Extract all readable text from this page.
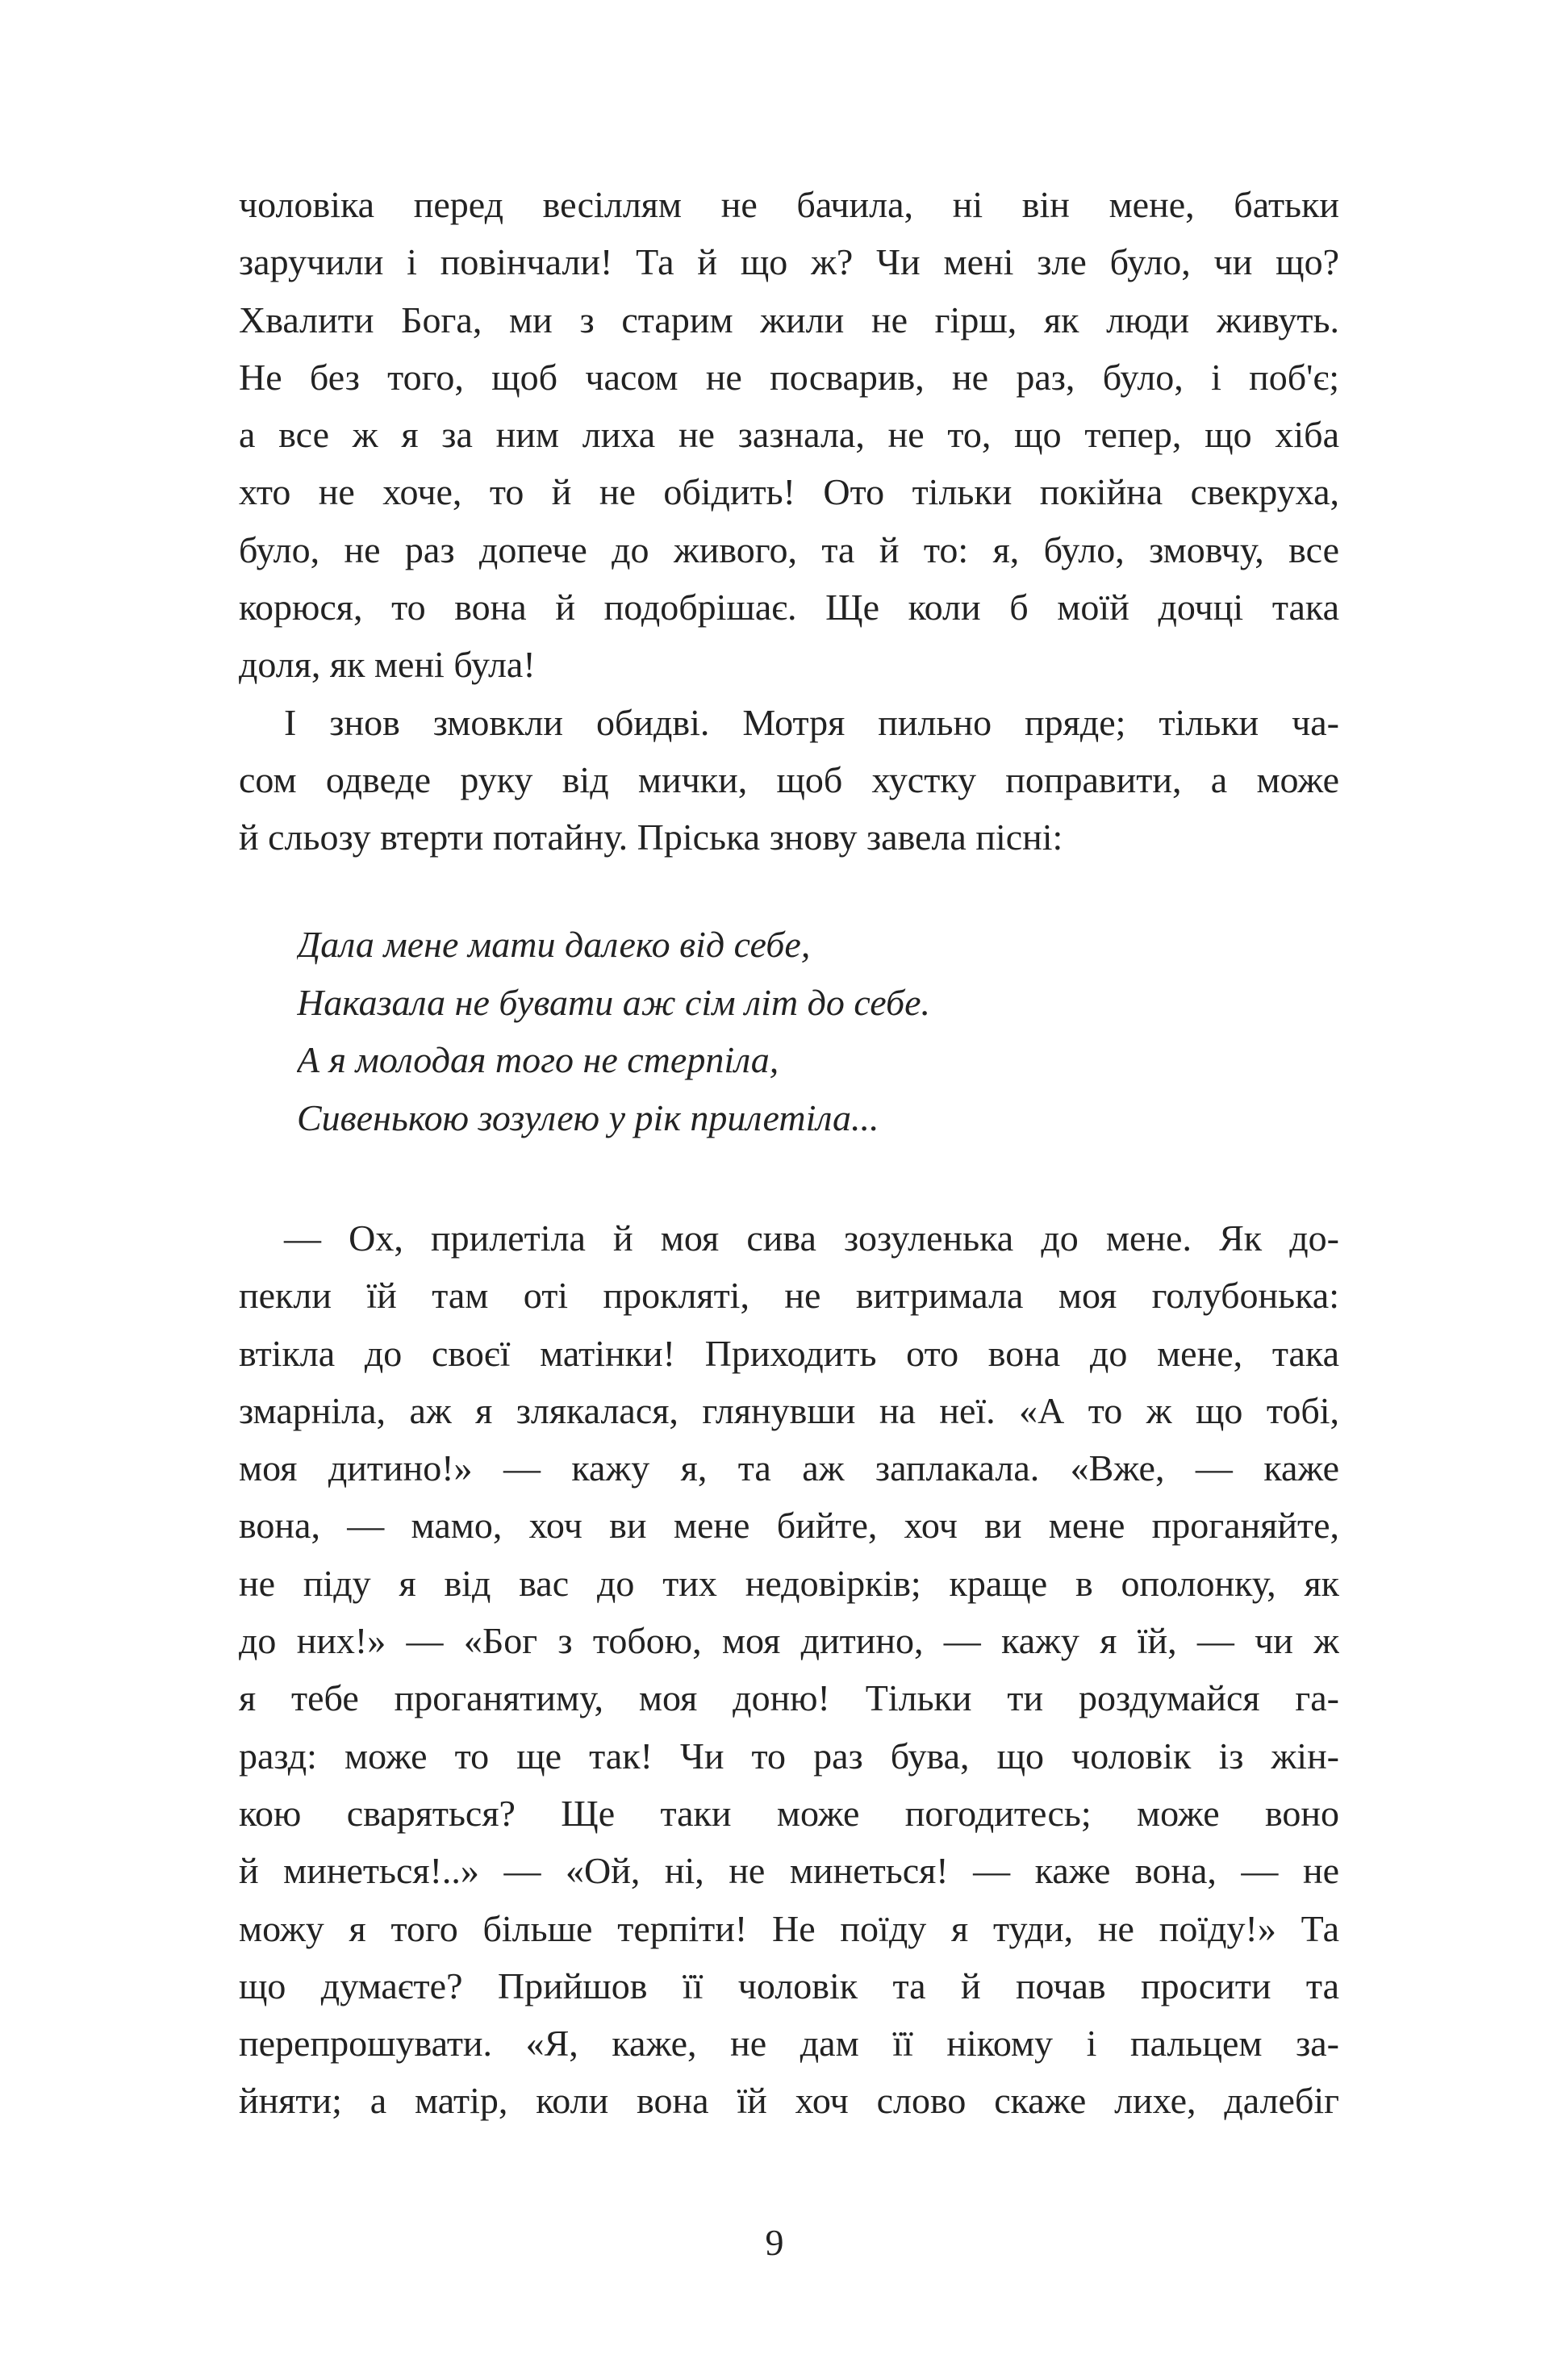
чоловіка перед весіллям не бачила, ні він мене, батьки
заручили і повінчали! Та й що ж? Чи мені зле було, чи що?
Хвалити Бога, ми з старим жили не гірш, як люди живуть.
Не без того, щоб часом не посварив, не раз, було, і поб'є;
а все ж я за ним лиха не зазнала, не то, що тепер, що хіба
хто не хоче, то й не обідить! Ото тільки покійна свекруха,
було, не раз допече до живого, та й то: я, було, змовчу, все
корюся, то вона й подобрішає. Ще коли б моїй дочці така
доля, як мені була!
І знов змовкли обидві. Мотря пильно пряде; тільки ча-
сом одведе руку від мички, щоб хустку поправити, а може
й сльозу втерти потайну. Пріська знову завела пісні:
Дала мене мати далеко від себе,
Наказала не бувати аж сім літ до себе.
А я молодая того не стерпіла,
Сивенькою зозулею у рік прилетіла...
— Ох, прилетіла й моя сива зозуленька до мене. Як до-
пекли їй там оті прокляті, не витримала моя голубонька:
втікла до своєї матінки! Приходить ото вона до мене, така
змарніла, аж я злякалася, глянувши на неї. «А то ж що тобі,
моя дитино!» — кажу я, та аж заплакала. «Вже, — каже
вона, — мамо, хоч ви мене бийте, хоч ви мене проганяйте,
не піду я від вас до тих недовірків; краще в ополонку, як
до них!» — «Бог з тобою, моя дитино, — кажу я їй, — чи ж
я тебе проганятиму, моя доню! Тільки ти роздумайся га-
разд: може то ще так! Чи то раз бува, що чоловік із жін-
кою сваряться? Ще таки може погодитесь; може воно
й минеться!..» — «Ой, ні, не минеться! — каже вона, — не
можу я того більше терпіти! Не поїду я туди, не поїду!» Та
що думаєте? Прийшов її чоловік та й почав просити та
перепрошувати. «Я, каже, не дам її нікому і пальцем за-
йняти; а матір, коли вона їй хоч слово скаже лихе, далебіг
9
